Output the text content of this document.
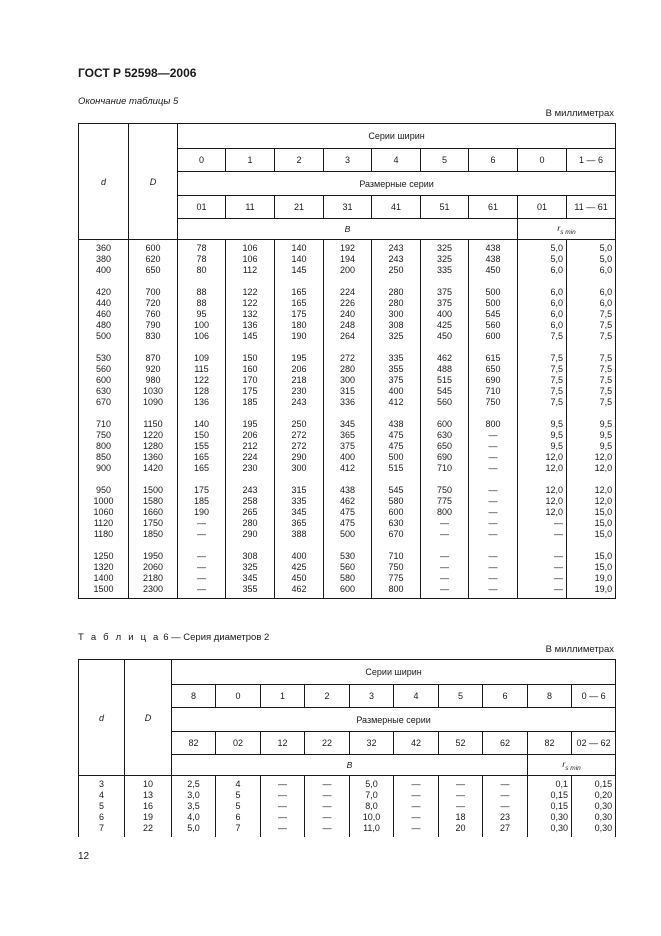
ГОСТ Р 52598—2006
Окончание таблицы 5
В миллиметрах
d	D	Серии ширин								
		0	1	2	3	4	5	6	0	1 — 6
		Размерные серии								
		01	11	21	31	41	51	61	01	11 — 61
		B							$r_{s min}$
360	600	78	106	140	192	243	325	438	5,0	5,0
380	620	78	106	140	194	243	325	438	5,0	5,0
400	650	80	112	145	200	250	335	450	6,0	6,0

420	700	88	122	165	224	280	375	500	6,0	6,0
440	720	88	122	165	226	280	375	500	6,0	6,0
460	760	95	132	175	240	300	400	545	6,0	7,5
480	790	100	136	180	248	308	425	560	6,0	7,5
500	830	106	145	190	264	325	450	600	7,5	7,5

530	870	109	150	195	272	335	462	615	7,5	7,5
560	920	115	160	206	280	355	488	650	7,5	7,5
600	980	122	170	218	300	375	515	690	7,5	7,5
630	1030	128	175	230	315	400	545	710	7,5	7,5
670	1090	136	185	243	336	412	560	750	7,5	7,5

710	1150	140	195	250	345	438	600	800	9,5	9,5
750	1220	150	206	272	365	475	630	—	9,5	9,5
800	1280	155	212	272	375	475	650	—	9,5	9,5
850	1360	165	224	290	400	500	690	—	12,0	12,0
900	1420	165	230	300	412	515	710	—	12,0	12,0

950	1500	175	243	315	438	545	750	—	12,0	12,0
1000	1580	185	258	335	462	580	775	—	12,0	12,0
1060	1660	190	265	345	475	600	800	—	12,0	15,0
1120	1750	—	280	365	475	630	—	—	—	15,0
1180	1850	—	290	388	500	670	—	—	—	15,0

1250	1950	—	308	400	530	710	—	—	—	15,0
1320	2060	—	325	425	560	750	—	—	—	15,0
1400	2180	—	345	450	580	775	—	—	—	19,0
1500	2300	—	355	462	600	800	—	—	—	19,0
Т а б л и ц а 6 — Серия диаметров 2
В миллиметрах
d	D	Серии ширин									
		8	0	1	2	3	4	5	6	8	0 — 6
		Размерные серии									
		82	02	12	22	32	42	52	62	82	02 — 62
		B								$r_{s min}$
3	10	2,5	4	—	—	5,0	—	—	—	0,1	0,15
4	13	3,0	5	—	—	7,0	—	—	—	0,15	0,20
5	16	3,5	5	—	—	8,0	—	—	—	0,15	0,30
6	19	4,0	6	—	—	10,0	—	18	23	0,30	0,30
7	22	5,0	7	—	—	11,0	—	20	27	0,30	0,30
12
